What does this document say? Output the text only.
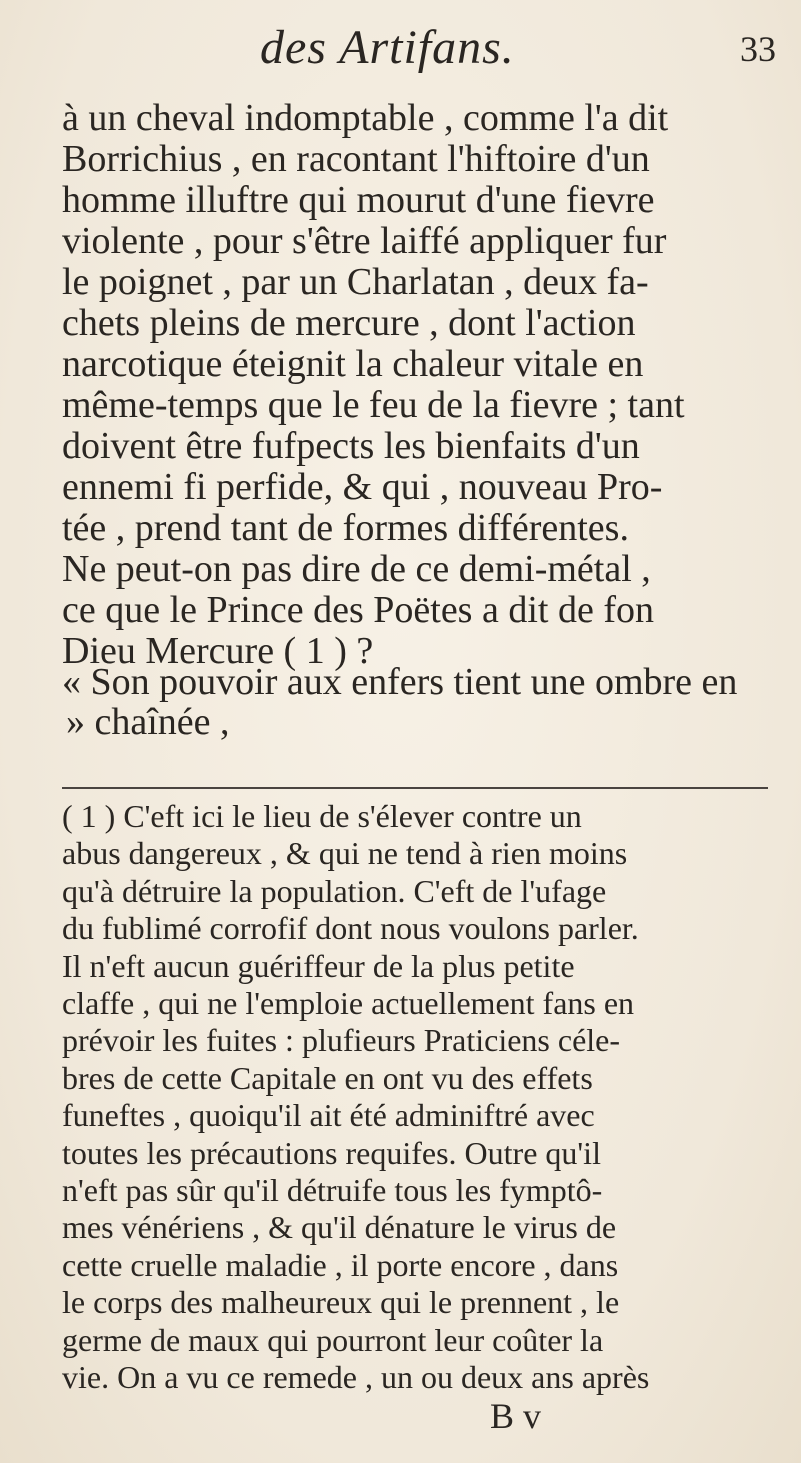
des Artifans.	33
à un cheval indomptable , comme l'a dit
Borrichius , en racontant l'hiftoire d'un
homme illuftre qui mourut d'une fievre
violente , pour s'être laiffé appliquer fur
le poignet , par un Charlatan , deux fa-
chets pleins de mercure , dont l'action
narcotique éteignit la chaleur vitale en
même-temps que le feu de la fievre ; tant
doivent être fufpects les bienfaits d'un
ennemi fi perfide, & qui , nouveau Pro-
tée , prend tant de formes différentes.
Ne peut-on pas dire de ce demi-métal ,
ce que le Prince des Poëtes a dit de fon
Dieu Mercure ( 1 ) ?
« Son pouvoir aux enfers tient une ombre en
» chaînée ,
( 1 ) C'eft ici le lieu de s'élever contre un
abus dangereux , & qui ne tend à rien moins
qu'à détruire la population. C'eft de l'ufage
du fublimé corrofif dont nous voulons parler.
Il n'eft aucun guériffeur de la plus petite
claffe , qui ne l'emploie actuellement fans en
prévoir les fuites : plufieurs Praticiens céle-
bres de cette Capitale en ont vu des effets
funeftes , quoiqu'il ait été adminiftré avec
toutes les précautions requifes. Outre qu'il
n'eft pas sûr qu'il détruife tous les fymptô-
mes vénériens , & qu'il dénature le virus de
cette cruelle maladie , il porte encore , dans
le corps des malheureux qui le prennent , le
germe de maux qui pourront leur coûter la
vie. On a vu ce remede , un ou deux ans après
B v
